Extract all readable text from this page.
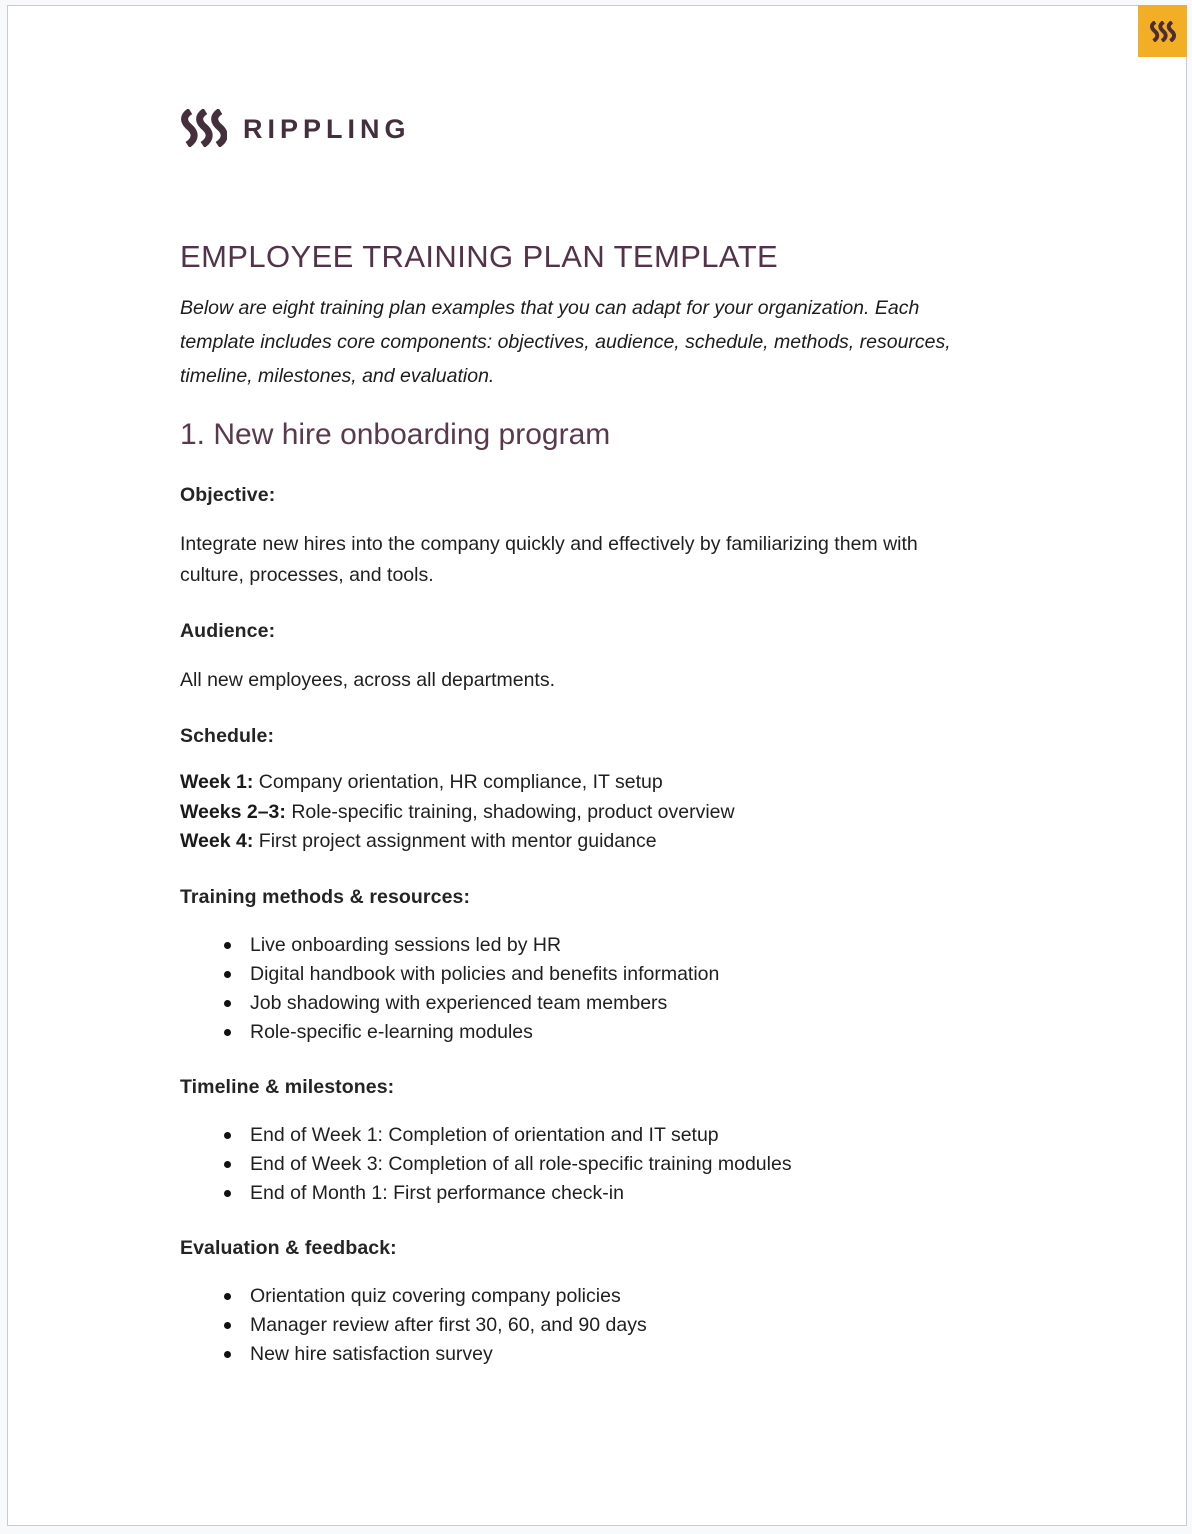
RIPPLING
EMPLOYEE TRAINING PLAN TEMPLATE
Below are eight training plan examples that you can adapt for your organization. Each
template includes core components: objectives, audience, schedule, methods, resources,
timeline, milestones, and evaluation.
1. New hire onboarding program
Objective:

Integrate new hires into the company quickly and effectively by familiarizing them with
culture, processes, and tools.

Audience:

All new employees, across all departments.

Schedule:
Week 1: Company orientation, HR compliance, IT setup
Weeks 2–3: Role-specific training, shadowing, product overview
Week 4: First project assignment with mentor guidance
Training methods & resources:
Live onboarding sessions led by HR
Digital handbook with policies and benefits information
Job shadowing with experienced team members
Role-specific e-learning modules
Timeline & milestones:
End of Week 1: Completion of orientation and IT setup
End of Week 3: Completion of all role-specific training modules
End of Month 1: First performance check-in
Evaluation & feedback:
Orientation quiz covering company policies
Manager review after first 30, 60, and 90 days
New hire satisfaction survey
